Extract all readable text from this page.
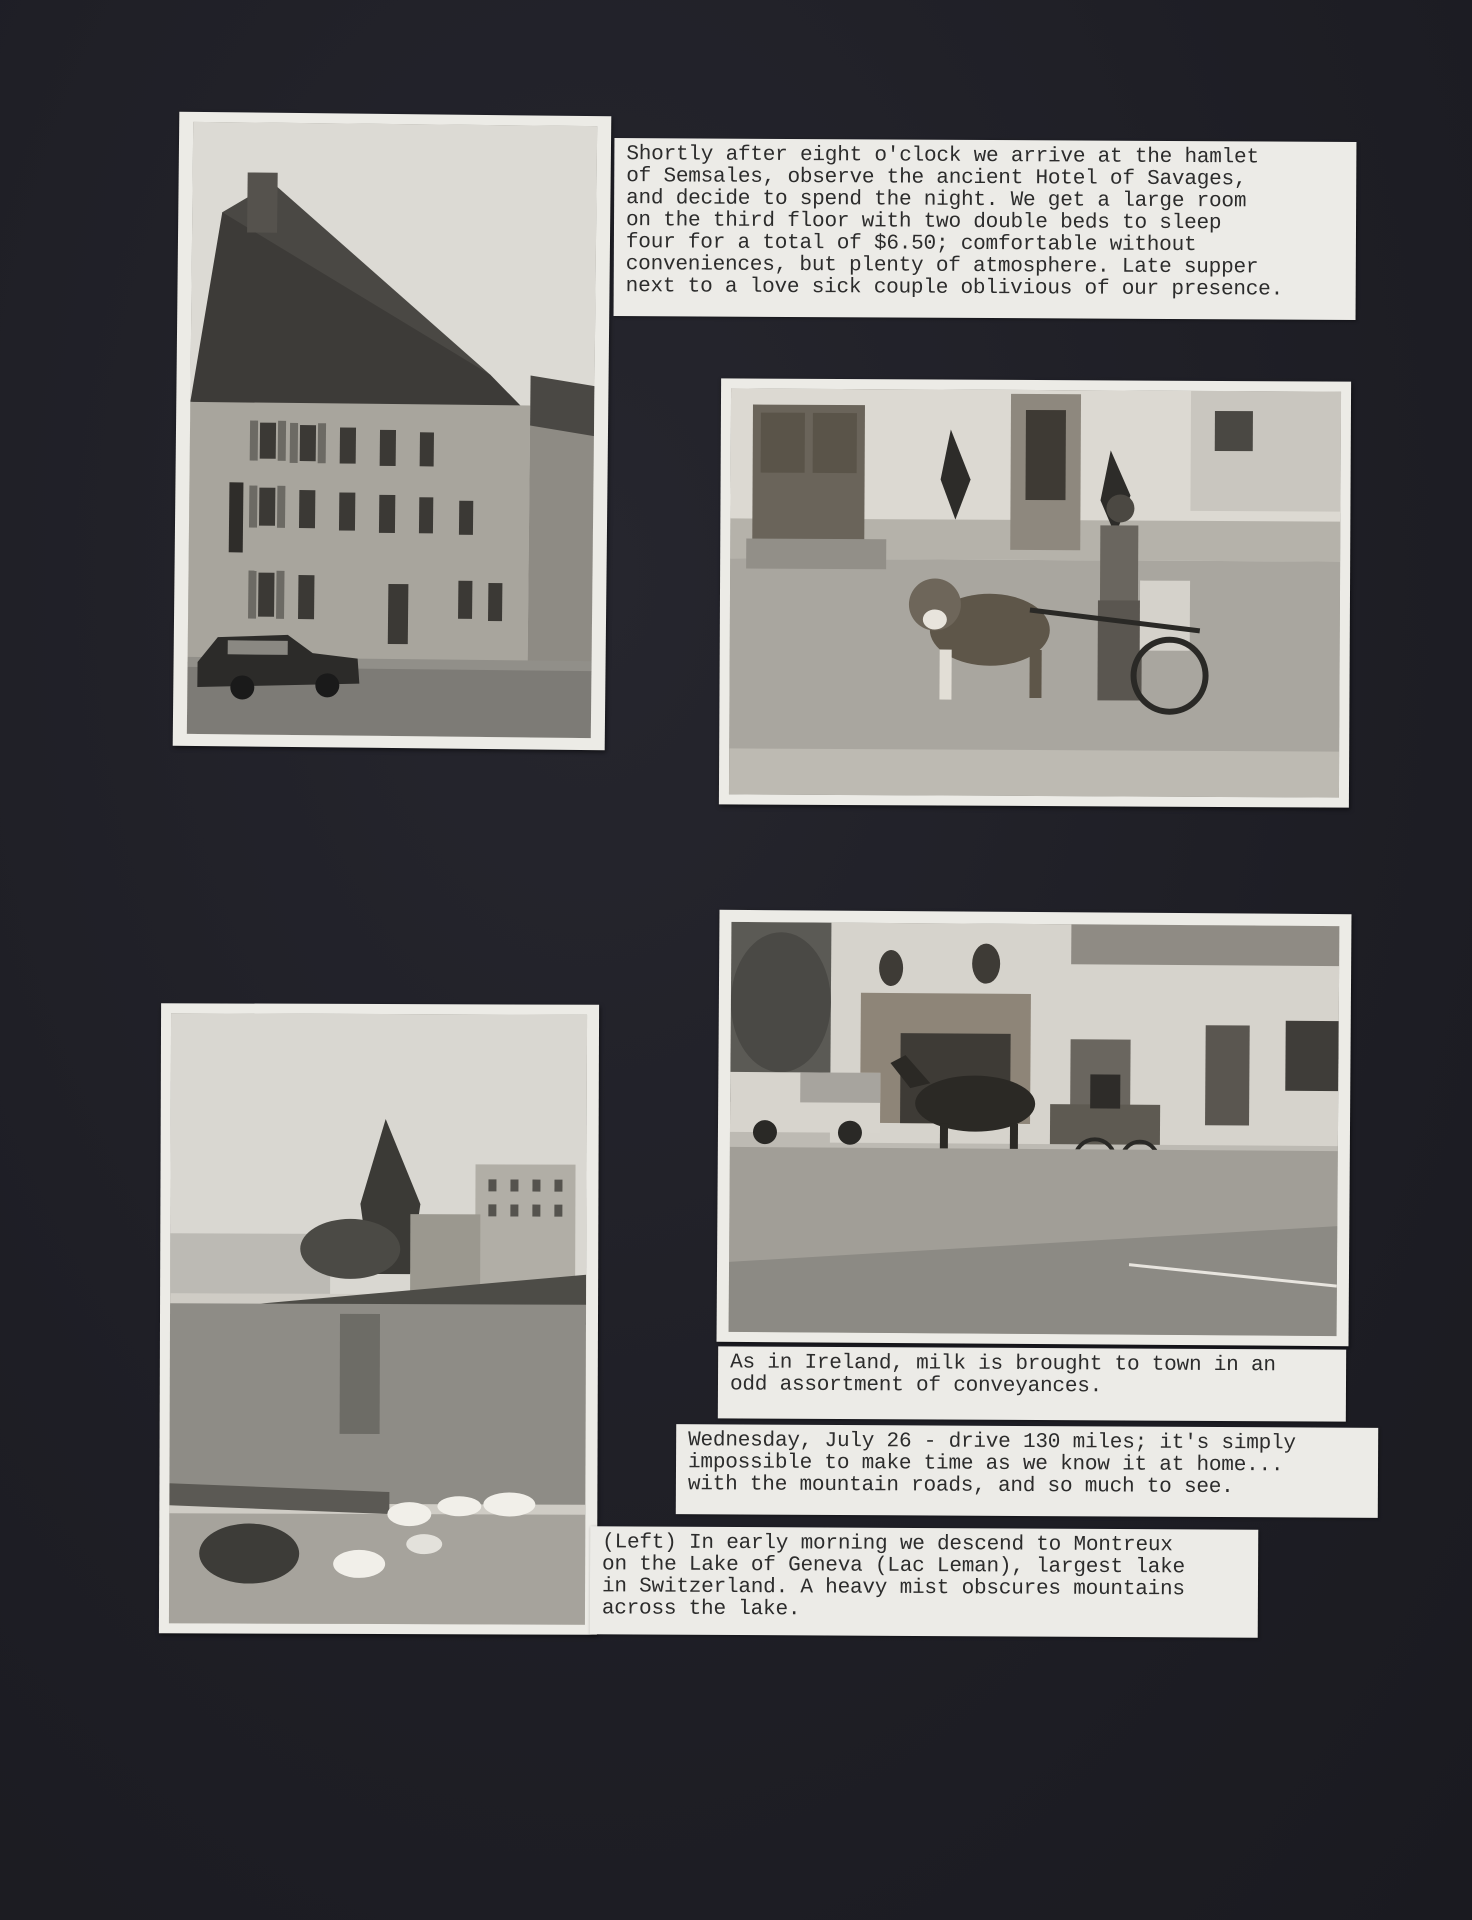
Shortly after eight o'clock we arrive at the hamlet
of Semsales, observe the ancient Hotel of Savages,
and decide to spend the night. We get a large room
on the third floor with two double beds to sleep
four for a total of $6.50; comfortable without
conveniences, but plenty of atmosphere. Late supper
next to a love sick couple oblivious of our presence.
As in Ireland, milk is brought to town in an
odd assortment of conveyances.
Wednesday, July 26 - drive 130 miles; it's simply
impossible to make time as we know it at home...
with the mountain roads, and so much to see.
(Left) In early morning we descend to Montreux
on the Lake of Geneva (Lac Leman), largest lake
in Switzerland. A heavy mist obscures mountains
across the lake.
